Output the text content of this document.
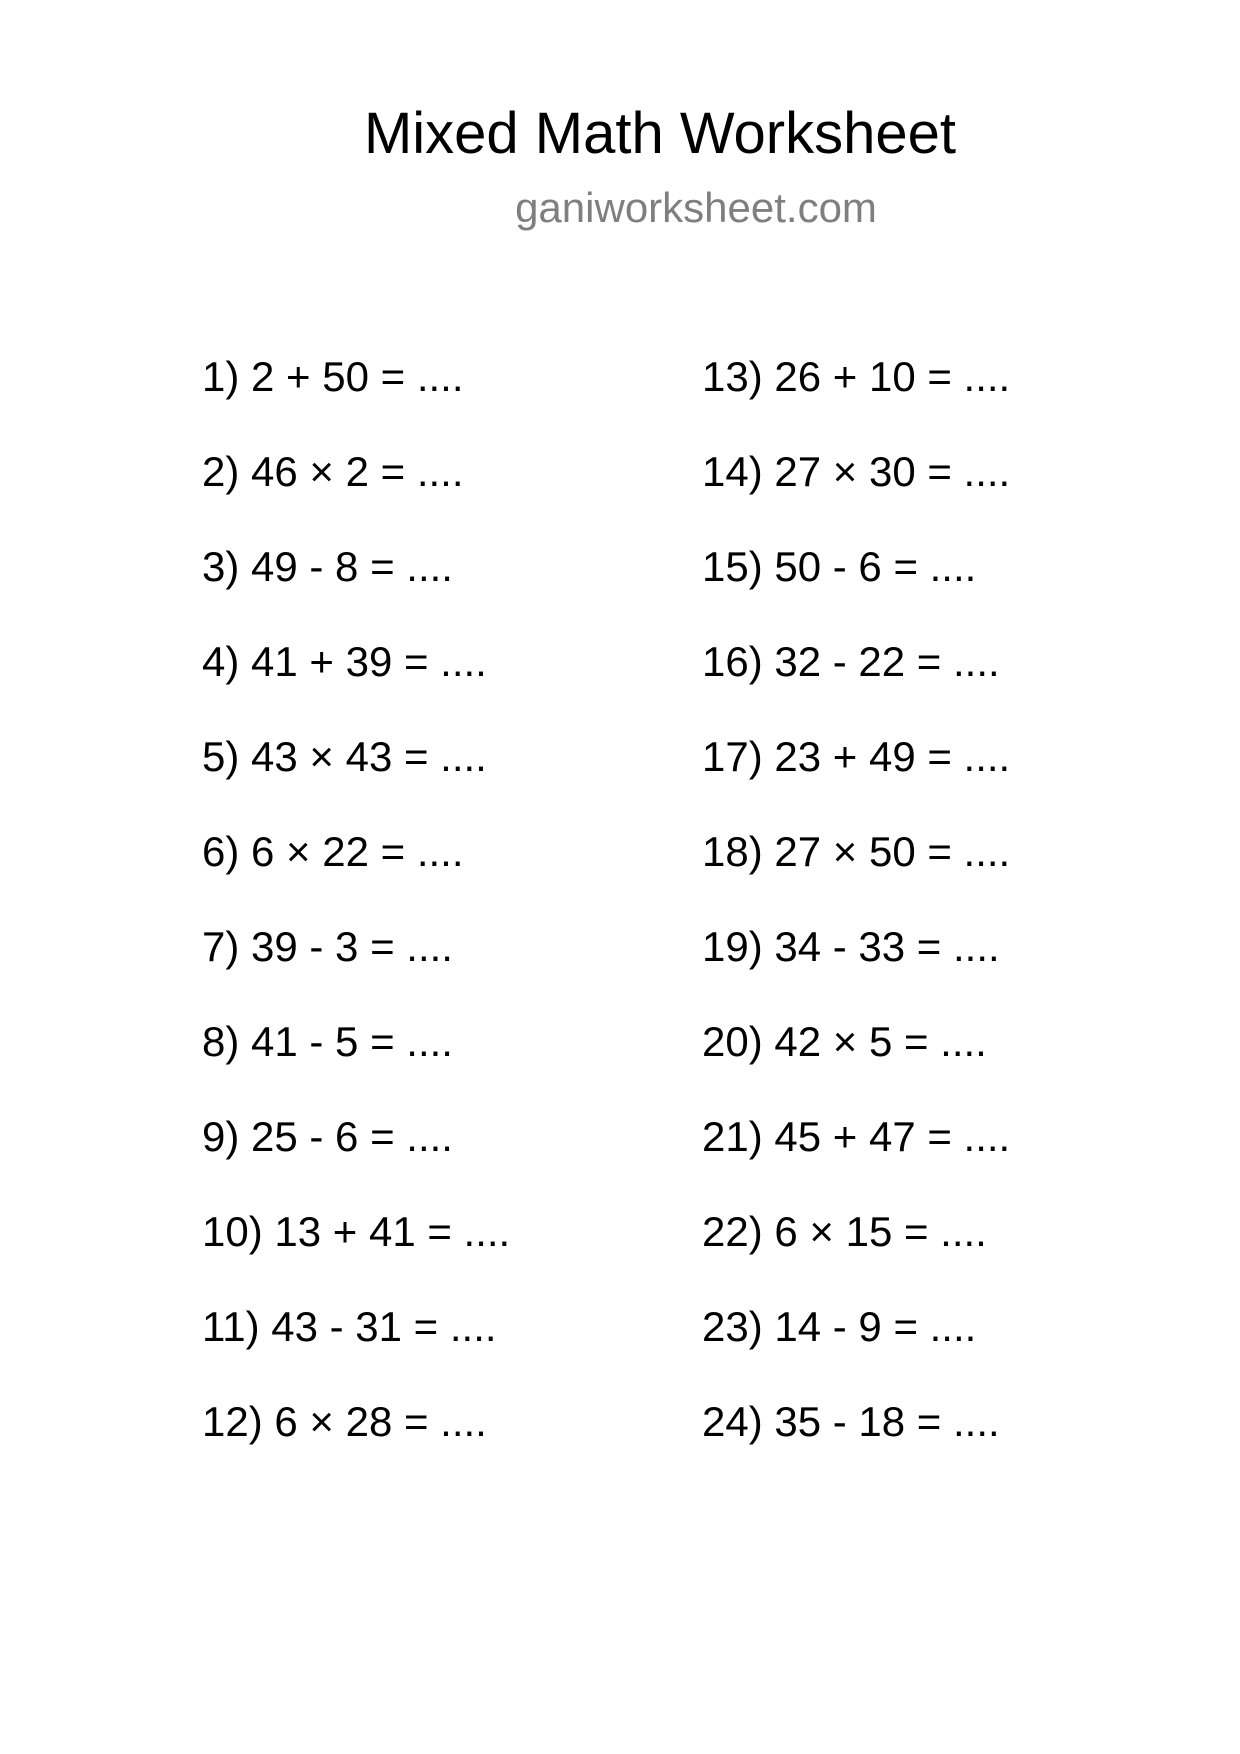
Mixed Math Worksheet
ganiworksheet.com
1) 2 + 50 = ....
2) 46 × 2 = ....
3) 49 - 8 = ....
4) 41 + 39 = ....
5) 43 × 43 = ....
6) 6 × 22 = ....
7) 39 - 3 = ....
8) 41 - 5 = ....
9) 25 - 6 = ....
10) 13 + 41 = ....
11) 43 - 31 = ....
12) 6 × 28 = ....
13) 26 + 10 = ....
14) 27 × 30 = ....
15) 50 - 6 = ....
16) 32 - 22 = ....
17) 23 + 49 = ....
18) 27 × 50 = ....
19) 34 - 33 = ....
20) 42 × 5 = ....
21) 45 + 47 = ....
22) 6 × 15 = ....
23) 14 - 9 = ....
24) 35 - 18 = ....
